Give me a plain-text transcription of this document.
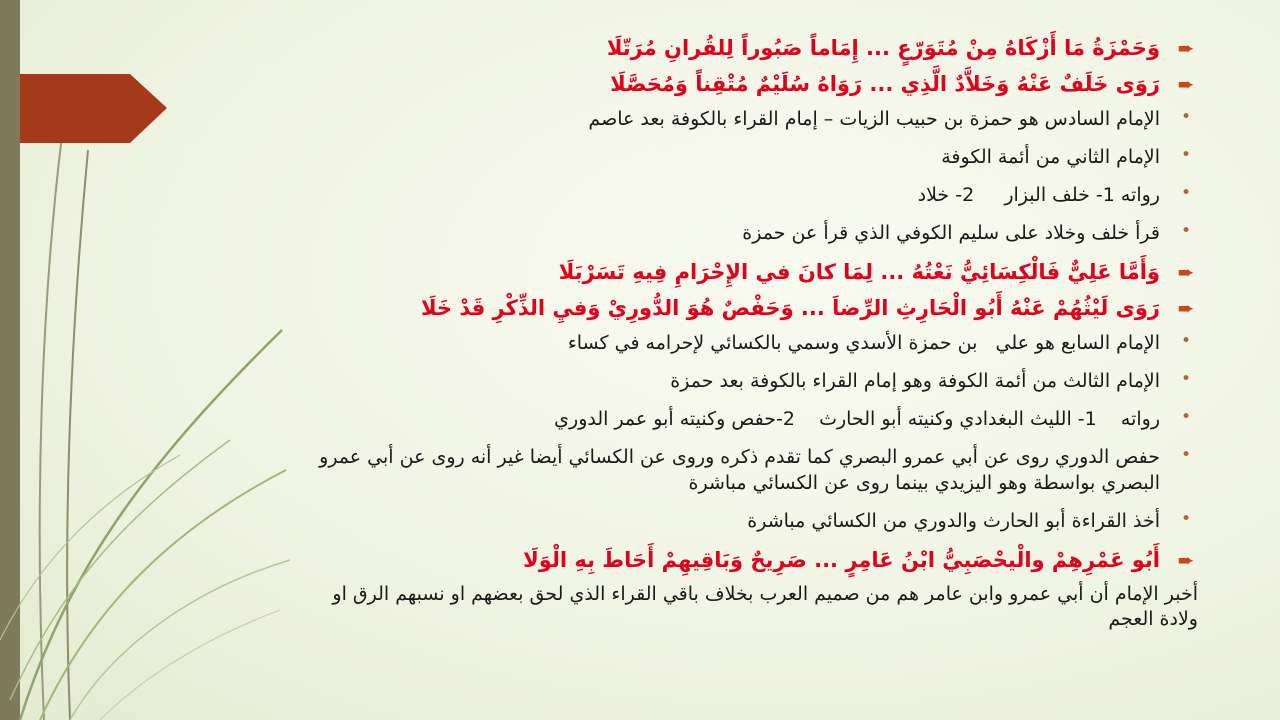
➨
وَحَمْزَةُ مَا أَزْكَاهُ مِنْ مُتَوَرّعٍ ... إِمَاماً صَبُوراً لِلقُرانِ مُرَتّلَا
➨
رَوَى خَلَفٌ عَنْهُ وَخَلاَّدٌ الَّذِي ... رَوَاهُ سُلَيْمٌ مُتْقِناً وَمُحَصَّلَا
•
الإمام السادس هو حمزة بن حبيب الزيات – إمام القراء بالكوفة بعد عاصم
•
الإمام الثاني من أئمة الكوفة
•
رواته 1- خلف البزار     2- خلاد
•
قرأ خلف وخلاد على سليم الكوفي الذي قرأ عن حمزة
➨
وَأَمَّا عَلِيٌّ فَالْكِسَائِيُّ نَعْتُهُ ... لِمَا كانَ في الإِحْرَامِ فِيهِ تَسَرْبَلَا
➨
رَوَى لَيْثُهُمْ عَنْهُ أَبُو الْحَارِثِ الرِّضاَ ... وَحَفْصٌ هُوَ الدُّورِيْ وَفيِ الذِّكْرِ قَدْ خَلَا
•
الإمام السابع هو علي   بن حمزة الأسدي وسمي بالكسائي لإحرامه في كساء
•
الإمام الثالث من أئمة الكوفة وهو إمام القراء بالكوفة بعد حمزة
•
رواته    1- الليث البغدادي وكنيته أبو الحارث    2-حفص وكنيته أبو عمر الدوري
•
حفص الدوري روى عن أبي عمرو البصري كما تقدم ذكره وروى عن الكسائي أيضا غير أنه روى عن أبي عمرو البصري بواسطة وهو اليزيدي بينما روى عن الكسائي مباشرة
•
أخذ القراءة أبو الحارث والدوري من الكسائي مباشرة
➨
أَبُو عَمْرِهِمْ والْيحْصَبِيُّ ابْنُ عَامِرٍ ... صَرِيحٌ وَبَاقِيهِمْ أَحَاطَ بِهِ الْوَلَا
أخبر الإمام أن أبي عمرو وابن عامر هم من صميم العرب بخلاف باقي القراء الذي لحق بعضهم او نسبهم الرق او ولادة العجم
